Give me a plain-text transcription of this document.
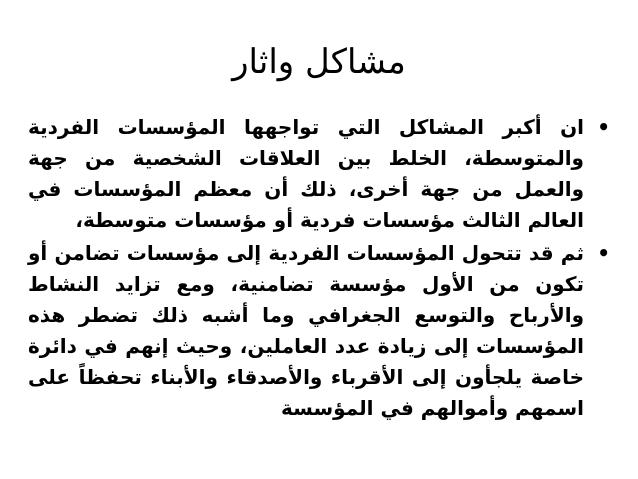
مشاكل واثار
•
ان أكبر المشاكل التي تواجهها المؤسسات الفردية والمتوسطة، الخلط بين العلاقات الشخصية من جهة والعمل من جهة أخرى، ذلك أن معظم المؤسسات في العالم الثالث مؤسسات فردية أو مؤسسات متوسطة،
•
ثم قد تتحول المؤسسات الفردية إلى مؤسسات تضامن أو تكون من الأول مؤسسة تضامنية، ومع تزايد النشاط والأرباح والتوسع الجغرافي وما أشبه ذلك تضطر هذه المؤسسات إلى زيادة عدد العاملين، وحيث إنهم في دائرة خاصة يلجأون إلى الأقرباء والأصدقاء والأبناء تحفظاً على اسمهم وأموالهم في المؤسسة
